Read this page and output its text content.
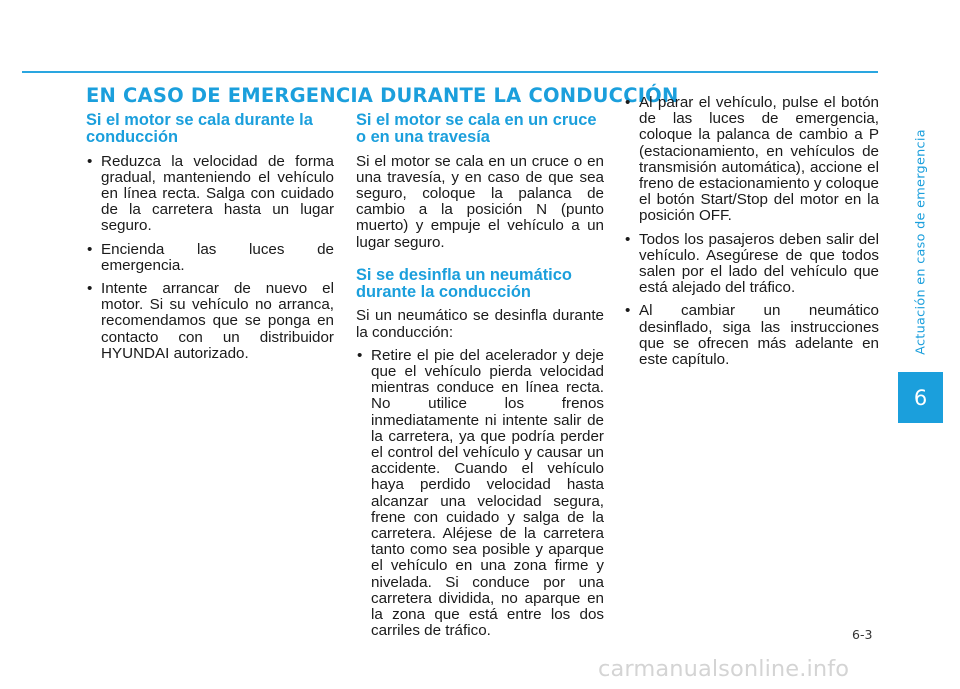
EN CASO DE EMERGENCIA DURANTE LA CONDUCCIÓN
Si el motor se cala durante la conducción
• Reduzca la velocidad de forma gradual, manteniendo el vehículo en línea recta. Salga con cuidado de la carretera hasta un lugar seguro.
• Encienda las luces de emergencia.
• Intente arrancar de nuevo el motor. Si su vehículo no arranca, recomendamos que se ponga en contacto con un distribuidor HYUNDAI autorizado.
Si el motor se cala en un cruce o en una travesía

Si el motor se cala en un cruce o en una travesía, y en caso de que sea seguro, coloque la palanca de cambio a la posición N (punto muerto) y empuje el vehículo a un lugar seguro.

Si se desinfla un neumático durante la conducción

Si un neumático se desinfla durante la conducción:

• Retire el pie del acelerador y deje que el vehículo pierda velocidad mientras conduce en línea recta. No utilice los frenos inmediatamente ni intente salir de la carretera, ya que podría perder el control del vehículo y causar un accidente. Cuando el vehículo haya perdido velocidad hasta alcanzar una velocidad segura, frene con cuidado y salga de la carretera. Aléjese de la carretera tanto como sea posible y aparque el vehículo en una zona firme y nivelada. Si conduce por una carretera dividida, no aparque en la zona que está entre los dos carriles de tráfico.
• Al parar el vehículo, pulse el botón de las luces de emergencia, coloque la palanca de cambio a P (estacionamiento, en vehículos de transmisión automática), accione el freno de estacionamiento y coloque el botón Start/Stop del motor en la posición OFF.
• Todos los pasajeros deben salir del vehículo. Asegúrese de que todos salen por el lado del vehículo que está alejado del tráfico.
• Al cambiar un neumático desinflado, siga las instrucciones que se ofrecen más adelante en este capítulo.
Actuación en caso de emergencia
6
6-3
carmanualsonline.info
